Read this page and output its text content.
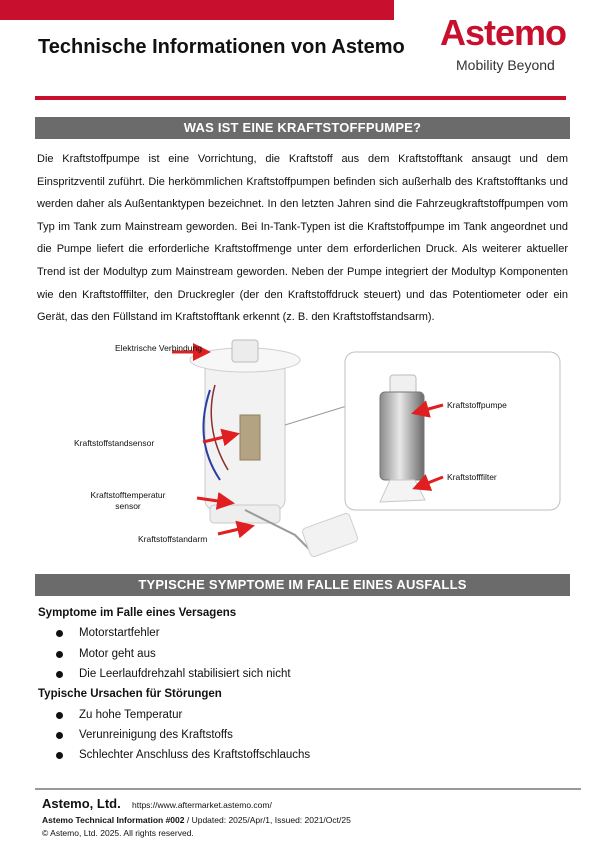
Technische Informationen von Astemo Astemo
Mobility Beyond
WAS IST EINE KRAFTSTOFFPUMPE?
Die Kraftstoffpumpe ist eine Vorrichtung, die Kraftstoff aus dem Kraftstofftank ansaugt und dem Einspritzventil zuführt. Die herkömmlichen Kraftstoffpumpen befinden sich außerhalb des Kraftstofftanks und werden daher als Außentanktypen bezeichnet. In den letzten Jahren sind die Fahrzeugkraftstoffpumpen vom Typ im Tank zum Mainstream geworden. Bei In-Tank-Typen ist die Kraftstoffpumpe im Tank angeordnet und die Pumpe liefert die erforderliche Kraftstoffmenge unter dem erforderlichen Druck. Als weiterer aktueller Trend ist der Modultyp zum Mainstream geworden. Neben der Pumpe integriert der Modultyp Komponenten wie den Kraftstofffilter, den Druckregler (der den Kraftstoffdruck steuert) und das Potentiometer oder ein Gerät, das den Füllstand im Kraftstofftank erkennt (z. B. den Kraftstoffstandsarm).
Elektrische Verbindung
Kraftstoffstandsensor
Kraftstofftemperatur sensor
Kraftstoffstandarm
Kraftstoffpumpe
Kraftstofffilter
TYPISCHE SYMPTOME IM FALLE EINES AUSFALLS
Symptome im Falle eines Versagens
Motorstartfehler
Motor geht aus
Die Leerlaufdrehzahl stabilisiert sich nicht
Typische Ursachen für Störungen
Zu hohe Temperatur
Verunreinigung des Kraftstoffs
Schlechter Anschluss des Kraftstoffschlauchs
Astemo, Ltd. https://www.aftermarket.astemo.com/
Astemo Technical Information #002 / Updated: 2025/Apr/1, Issued: 2021/Oct/25
© Astemo, Ltd. 2025. All rights reserved.
